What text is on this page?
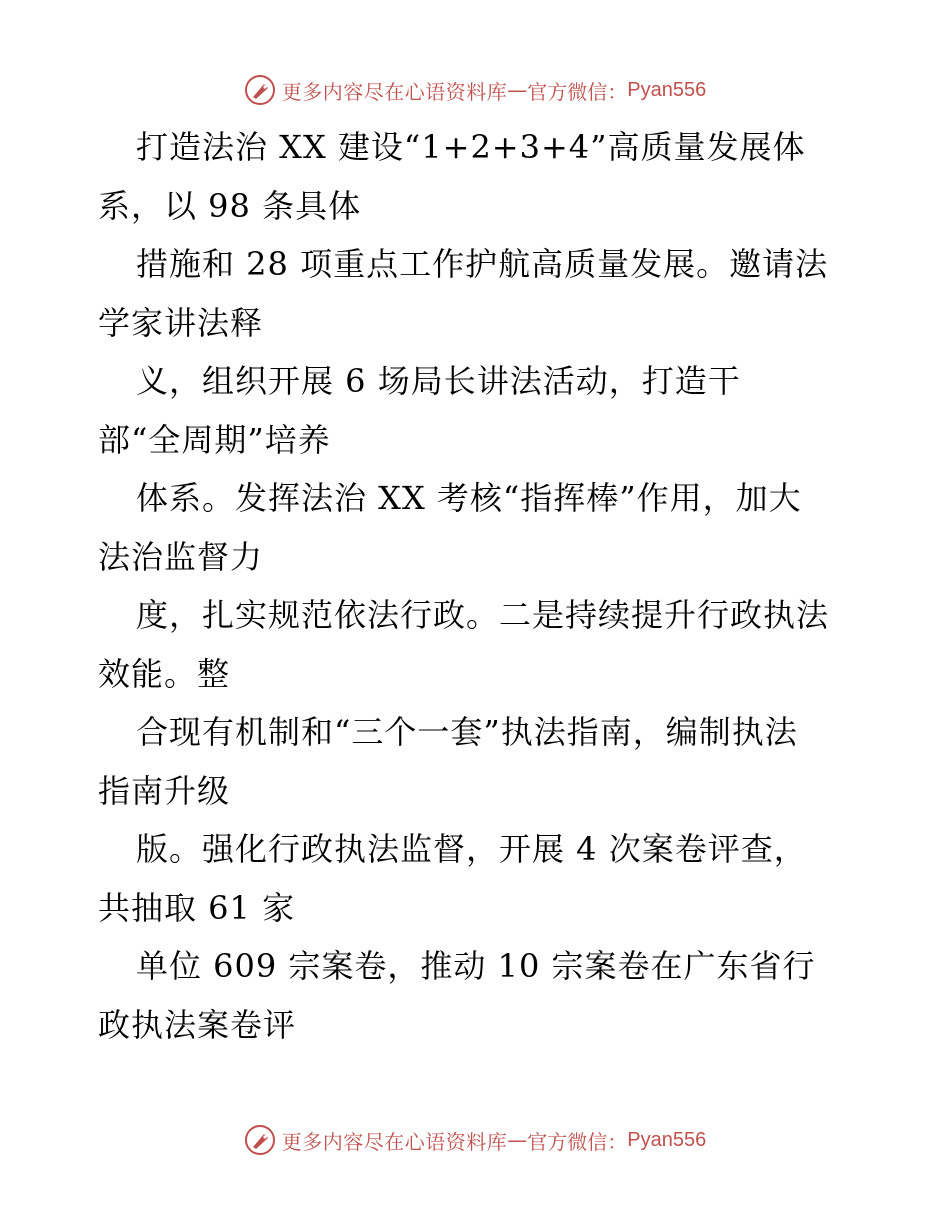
更多内容尽在心语资料库 — 官方微信： Pyan556
打造法治 XX 建设“1+2+3+4”高质量发展体
系，以 98 条具体
措施和 28 项重点工作护航高质量发展。邀请法
学家讲法释
义，组织开展 6 场局长讲法活动，打造干
部“全周期”培养
体系。发挥法治 XX 考核“指挥棒”作用，加大
法治监督力
度，扎实规范依法行政。二是持续提升行政执法
效能。整
合现有机制和“三个一套”执法指南，编制执法
指南升级
版。强化行政执法监督，开展 4 次案卷评查，
共抽取 61 家
单位 609 宗案卷，推动 10 宗案卷在广东省行
政执法案卷评
更多内容尽在心语资料库 — 官方微信： Pyan556
